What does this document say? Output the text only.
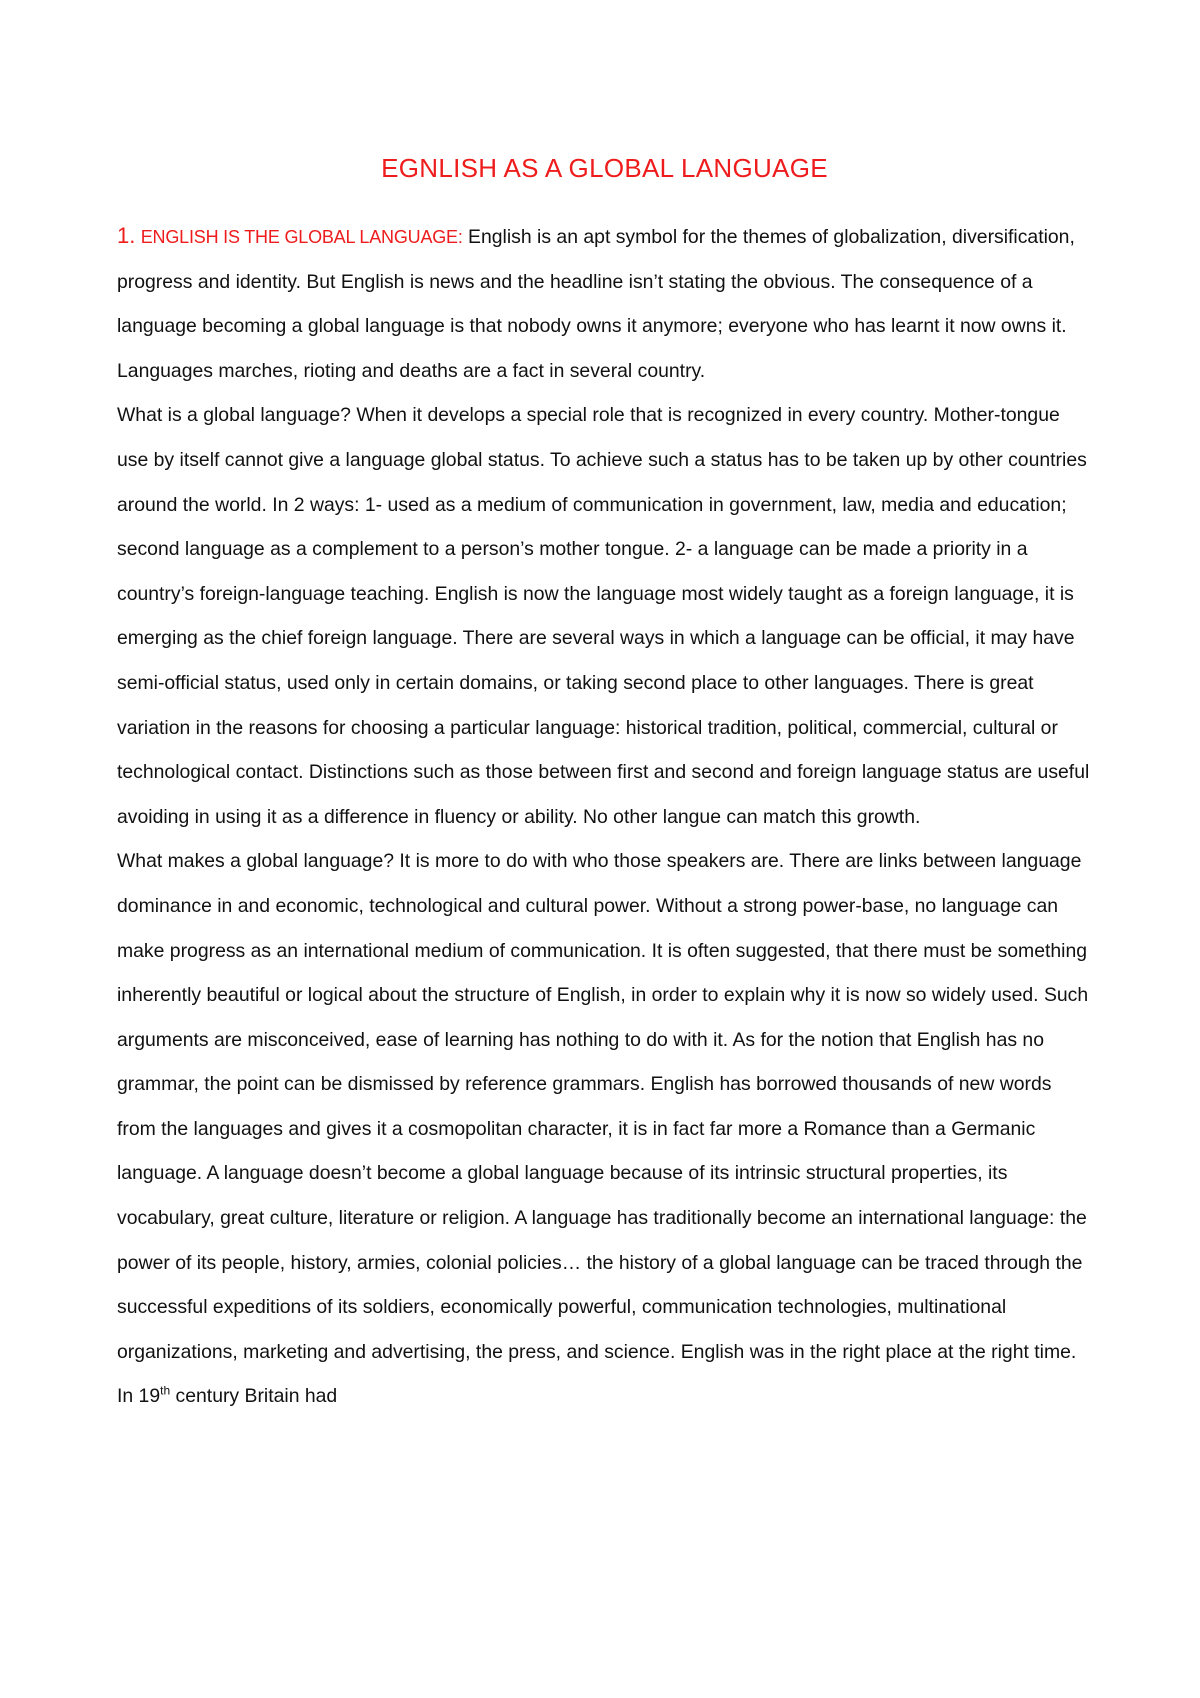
EGNLISH AS A GLOBAL LANGUAGE

1. ENGLISH IS THE GLOBAL LANGUAGE: English is an apt symbol for the themes of globalization, diversification, progress and identity. But English is news and the headline isn’t stating the obvious. The consequence of a language becoming a global language is that nobody owns it anymore; everyone who has learnt it now owns it. Languages marches, rioting and deaths are a fact in several country.

What is a global language? When it develops a special role that is recognized in every country. Mother-tongue use by itself cannot give a language global status. To achieve such a status has to be taken up by other countries around the world. In 2 ways: 1- used as a medium of communication in government, law, media and education; second language as a complement to a person’s mother tongue. 2- a language can be made a priority in a country’s foreign-language teaching. English is now the language most widely taught as a foreign language, it is emerging as the chief foreign language. There are several ways in which a language can be official, it may have semi-official status, used only in certain domains, or taking second place to other languages. There is great variation in the reasons for choosing a particular language: historical tradition, political, commercial, cultural or technological contact. Distinctions such as those between first and second and foreign language status are useful avoiding in using it as a difference in fluency or ability. No other langue can match this growth.

What makes a global language? It is more to do with who those speakers are. There are links between language dominance in and economic, technological and cultural power. Without a strong power-base, no language can make progress as an international medium of communication. It is often suggested, that there must be something inherently beautiful or logical about the structure of English, in order to explain why it is now so widely used. Such arguments are misconceived, ease of learning has nothing to do with it. As for the notion that English has no grammar, the point can be dismissed by reference grammars. English has borrowed thousands of new words from the languages and gives it a cosmopolitan character, it is in fact far more a Romance than a Germanic language. A language doesn’t become a global language because of its intrinsic structural properties, its vocabulary, great culture, literature or religion. A language has traditionally become an international language: the power of its people, history, armies, colonial policies… the history of a global language can be traced through the successful expeditions of its soldiers, economically powerful, communication technologies, multinational organizations, marketing and advertising, the press, and science. English was in the right place at the right time. In 19th century Britain had
